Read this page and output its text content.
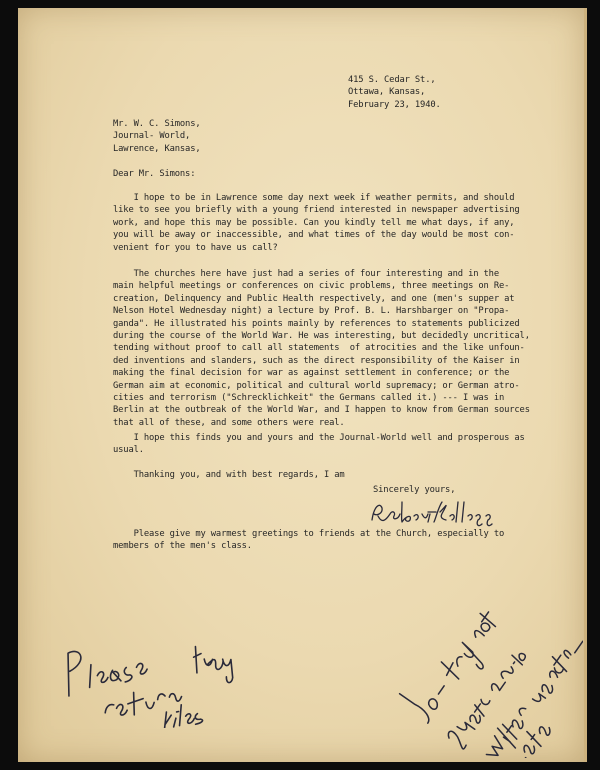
415 S. Cedar St.,
Ottawa, Kansas,
February 23, 1940.
Mr. W. C. Simons,
Journal- World,
Lawrence, Kansas,
Dear Mr. Simons:
I hope to be in Lawrence some day next week if weather permits, and should
like to see you briefly with a young friend interested in newspaper advertising
work, and hope this may be possible. Can you kindly tell me what days, if any,
you will be away or inaccessible, and what times of the day would be most con-
venient for you to have us call?
The churches here have just had a series of four interesting and in the
main helpful meetings or conferences on civic problems, three meetings on Re-
creation, Delinquency and Public Health respectively, and one (men's supper at
Nelson Hotel Wednesday night) a lecture by Prof. B. L. Harshbarger on "Propa-
ganda". He illustrated his points mainly by references to statements publicized
during the course of the World War. He was interesting, but decidedly uncritical,
tending without proof to call all statements  of atrocities and the like unfoun-
ded inventions and slanders, such as the direct responsibility of the Kaiser in
making the final decision for war as against settlement in conference; or the
German aim at economic, political and cultural world supremacy; or German atro-
cities and terrorism ("Schrecklichkeit" the Germans called it.) --- I was in
Berlin at the outbreak of the World War, and I happen to know from German sources
that all of these, and some others were real.
I hope this finds you and yours and the Journal-World well and prosperous as
usual.
Thanking you, and with best regards, I am
Sincerely yours,
Please give my warmest greetings to friends at the Church, especially to
members of the men's class.
